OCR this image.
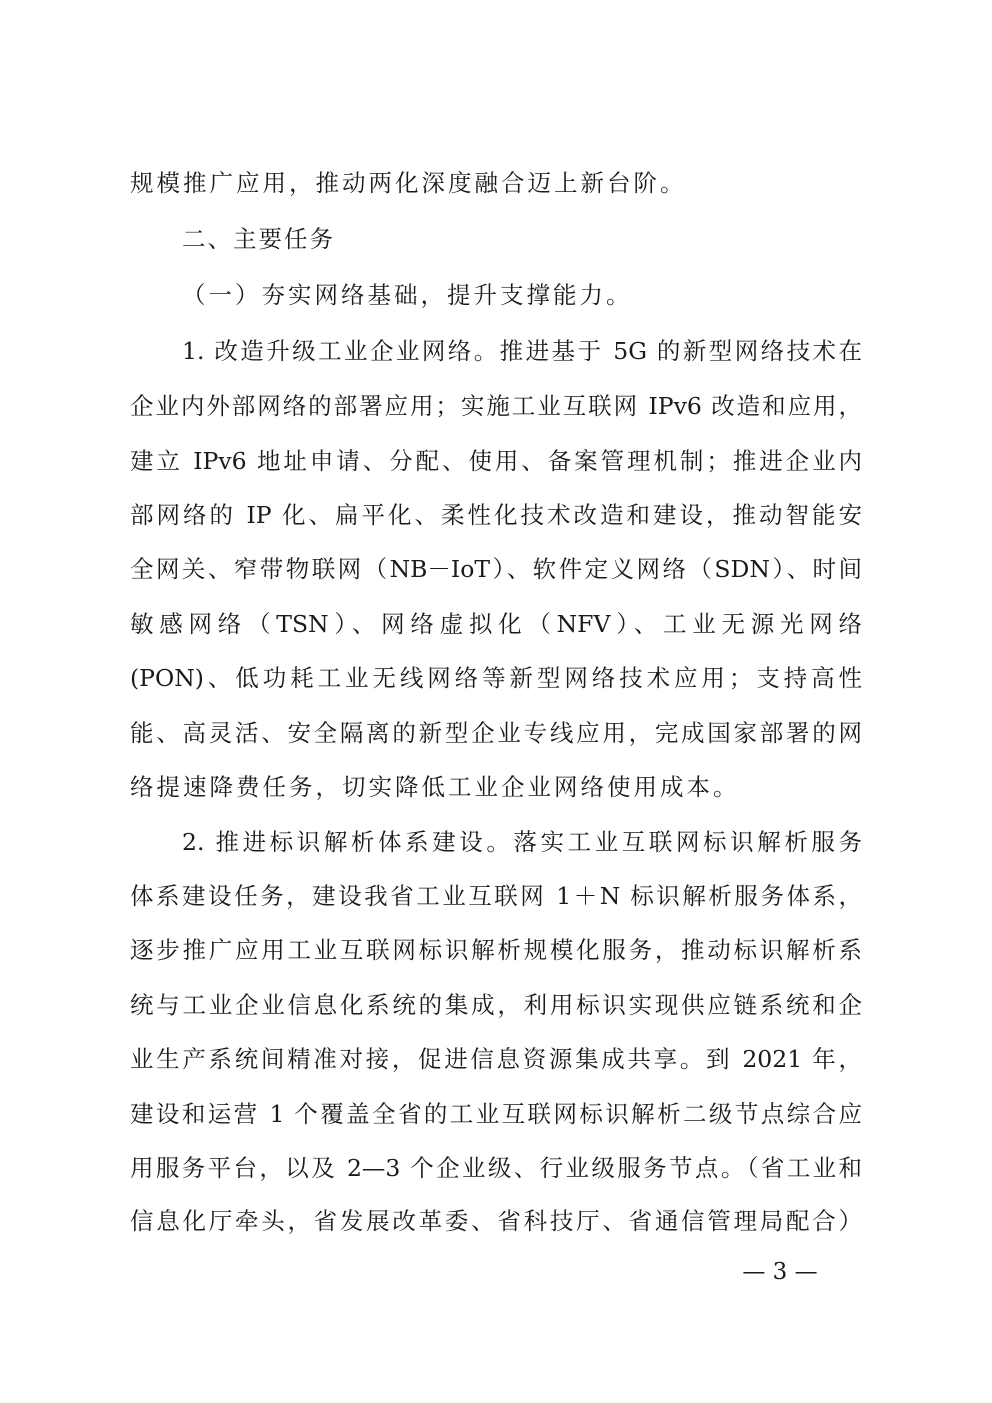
规模推广应用，推动两化深度融合迈上新台阶。
二、主要任务
（一）夯实网络基础，提升支撑能力。
1. 改造升级工业企业网络。推进基于 5G 的新型网络技术在
企业内外部网络的部署应用；实施工业互联网 IPv6 改造和应用，
建立 IPv6 地址申请、分配、使用、备案管理机制；推进企业内
部网络的 IP 化、扁平化、柔性化技术改造和建设，推动智能安
全网关、窄带物联网（NB－IoT）、软件定义网络（SDN）、时间
敏感网络（TSN）、网络虚拟化（NFV）、工业无源光网络
(PON)、低功耗工业无线网络等新型网络技术应用；支持高性
能、高灵活、安全隔离的新型企业专线应用，完成国家部署的网
络提速降费任务，切实降低工业企业网络使用成本。
2. 推进标识解析体系建设。落实工业互联网标识解析服务
体系建设任务，建设我省工业互联网 1＋N 标识解析服务体系，
逐步推广应用工业互联网标识解析规模化服务，推动标识解析系
统与工业企业信息化系统的集成，利用标识实现供应链系统和企
业生产系统间精准对接，促进信息资源集成共享。到 2021 年，
建设和运营 1 个覆盖全省的工业互联网标识解析二级节点综合应
用服务平台，以及 2—3 个企业级、行业级服务节点。（省工业和
信息化厅牵头，省发展改革委、省科技厅、省通信管理局配合）
— 3 —
